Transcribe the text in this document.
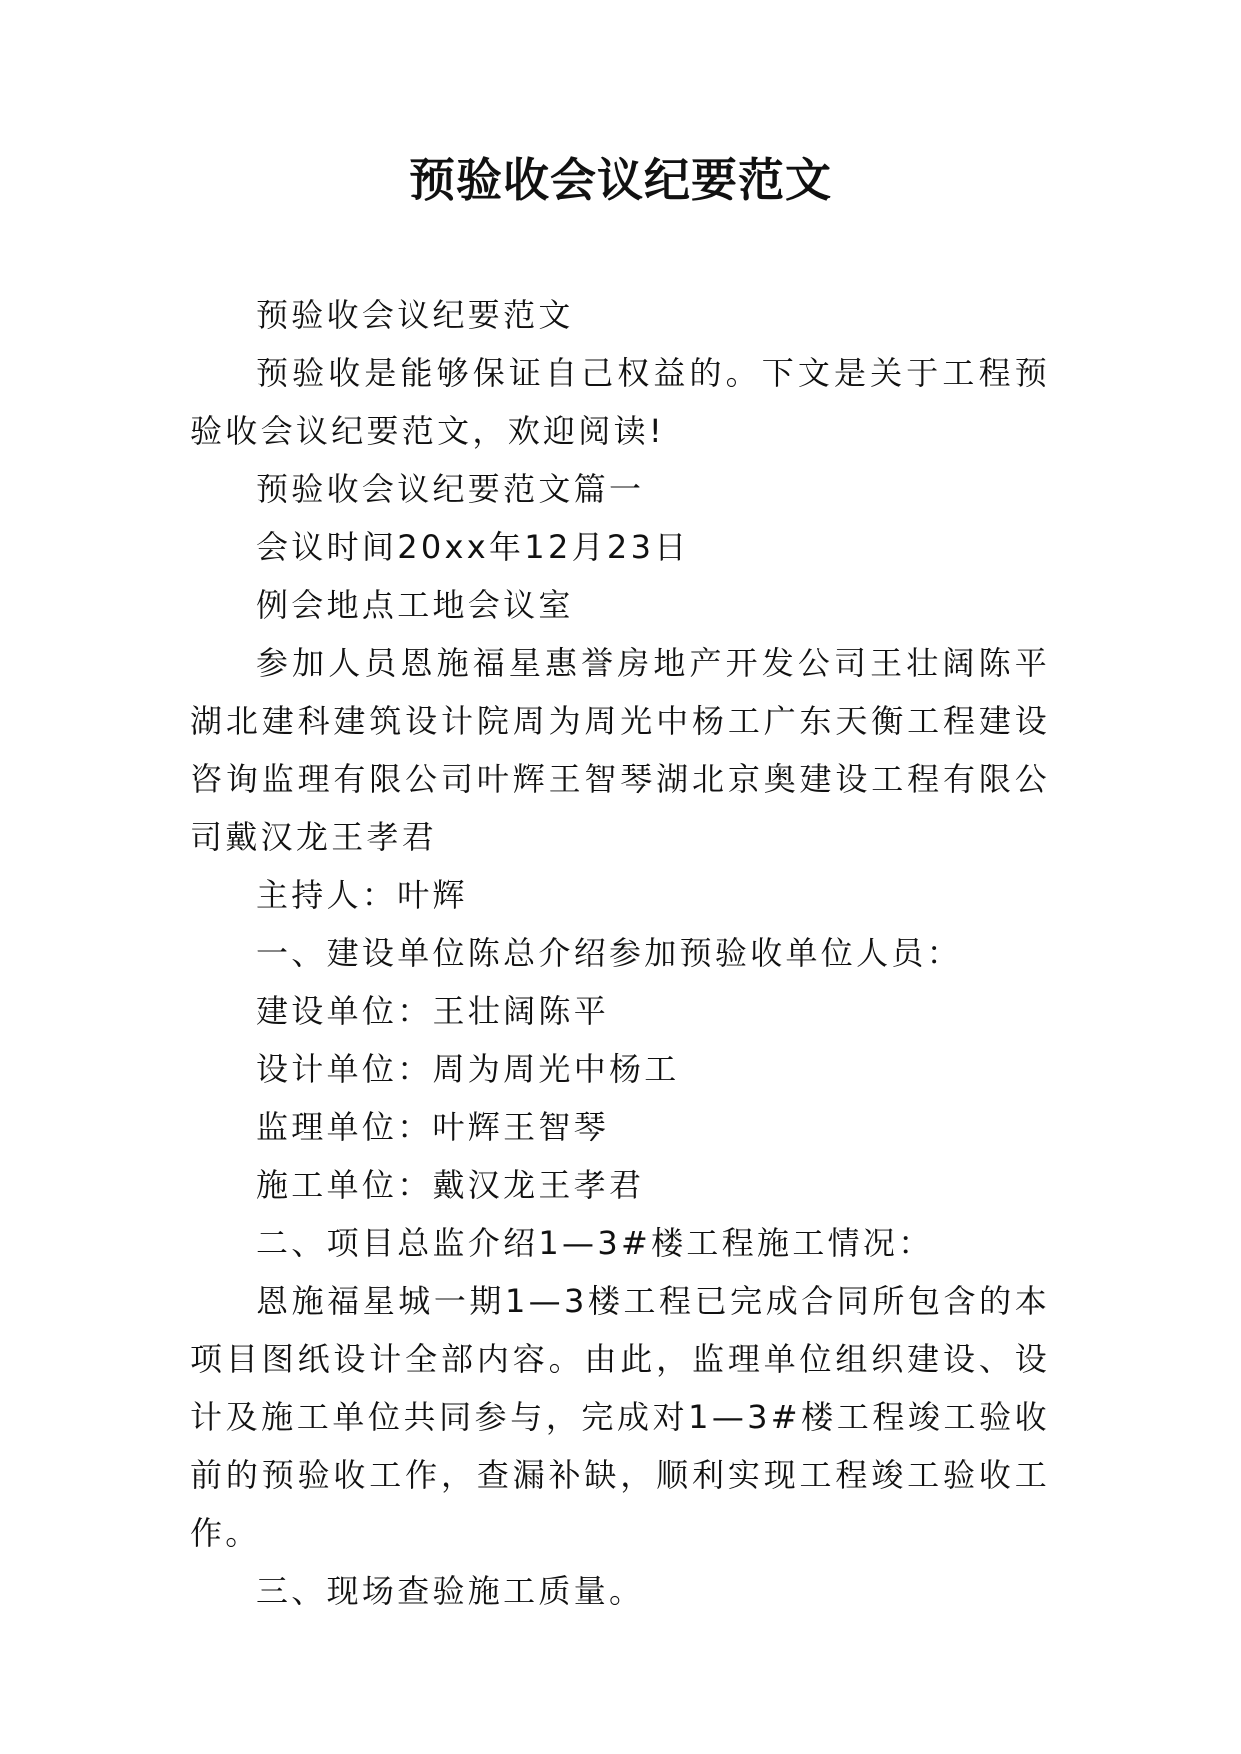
预验收会议纪要范文

预验收会议纪要范文

预验收是能够保证自己权益的。下文是关于工程预验收会议纪要范文，欢迎阅读!

预验收会议纪要范文篇一

会议时间20xx年12月23日

例会地点工地会议室

参加人员恩施福星惠誉房地产开发公司王壮阔陈平湖北建科建筑设计院周为周光中杨工广东天衡工程建设咨询监理有限公司叶辉王智琴湖北京奥建设工程有限公司戴汉龙王孝君

主持人：叶辉

一、建设单位陈总介绍参加预验收单位人员：

建设单位：王壮阔陈平

设计单位：周为周光中杨工

监理单位：叶辉王智琴

施工单位：戴汉龙王孝君

二、项目总监介绍1—3#楼工程施工情况：

恩施福星城一期1—3楼工程已完成合同所包含的本项目图纸设计全部内容。由此，监理单位组织建设、设计及施工单位共同参与，完成对1—3#楼工程竣工验收前的预验收工作，查漏补缺，顺利实现工程竣工验收工作。

三、现场查验施工质量。
